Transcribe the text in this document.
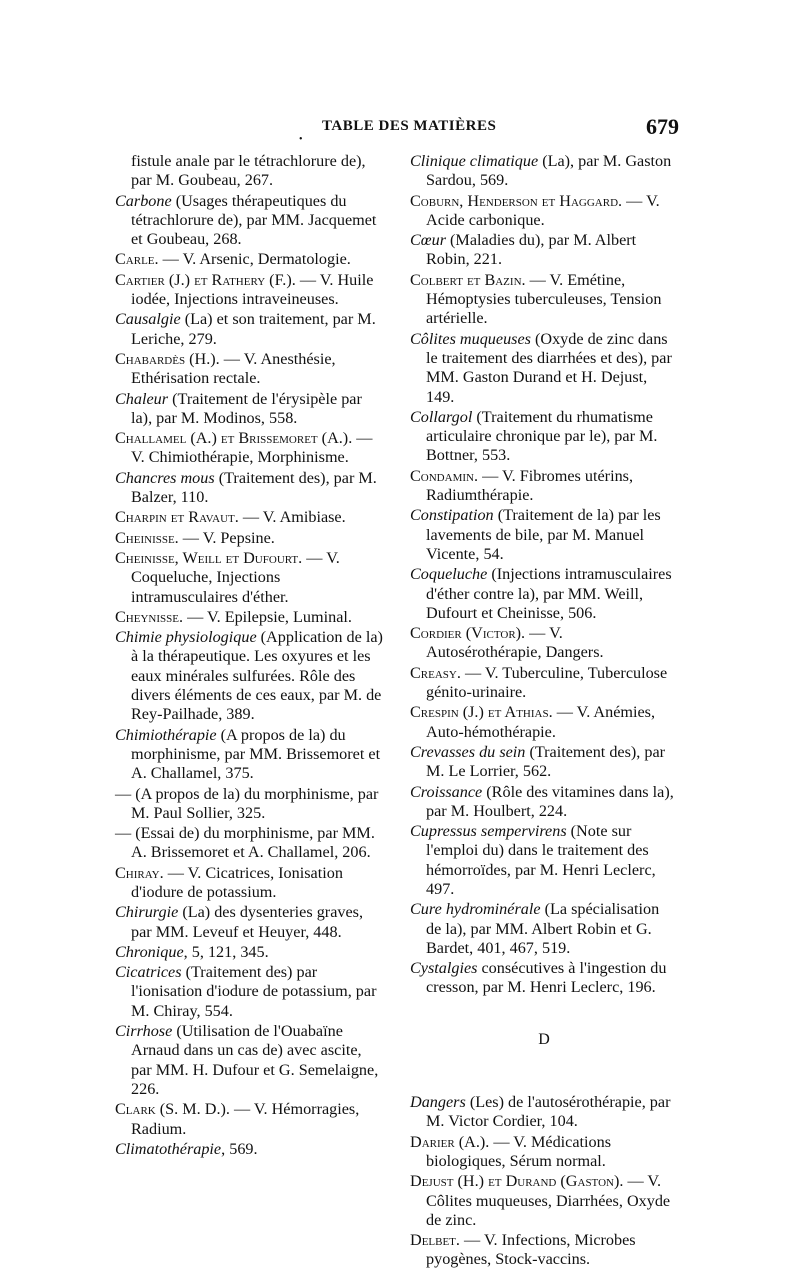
•
TABLE DES MATIÈRES	679
fistule anale par le tétrachlorure de), par M. Goubeau, 267.
Carbone (Usages thérapeutiques du tétrachlorure de), par MM. Jacquemet et Goubeau, 268.
Carle. — V. Arsenic, Dermatologie.
Cartier (J.) et Rathery (F.). — V. Huile iodée, Injections intraveineuses.
Causalgie (La) et son traitement, par M. Leriche, 279.
Chabardès (H.). — V. Anesthésie, Ethérisation rectale.
Chaleur (Traitement de l'érysipèle par la), par M. Modinos, 558.
Challamel (A.) et Brissemoret (A.). — V. Chimiothérapie, Morphinisme.
Chancres mous (Traitement des), par M. Balzer, 110.
Charpin et Ravaut. — V. Amibiase.
Cheinisse. — V. Pepsine.
Cheinisse, Weill et Dufourt. — V. Coqueluche, Injections intramusculaires d'éther.
Cheynisse. — V. Epilepsie, Luminal.
Chimie physiologique (Application de la) à la thérapeutique. Les oxyures et les eaux minérales sulfurées. Rôle des divers éléments de ces eaux, par M. de Rey-Pailhade, 389.
Chimiothérapie (A propos de la) du morphinisme, par MM. Brissemoret et A. Challamel, 375.
— (A propos de la) du morphinisme, par M. Paul Sollier, 325.
— (Essai de) du morphinisme, par MM. A. Brissemoret et A. Challamel, 206.
Chiray. — V. Cicatrices, Ionisation d'iodure de potassium.
Chirurgie (La) des dysenteries graves, par MM. Leveuf et Heuyer, 448.
Chronique, 5, 121, 345.
Cicatrices (Traitement des) par l'ionisation d'iodure de potassium, par M. Chiray, 554.
Cirrhose (Utilisation de l'Ouabaïne Arnaud dans un cas de) avec ascite, par MM. H. Dufour et G. Semelaigne, 226.
Clark (S. M. D.). — V. Hémorragies, Radium.
Climatothérapie, 569.
Clinique climatique (La), par M. Gaston Sardou, 569.
Coburn, Henderson et Haggard. — V. Acide carbonique.
Cœur (Maladies du), par M. Albert Robin, 221.
Colbert et Bazin. — V. Emétine, Hémoptysies tuberculeuses, Tension artérielle.
Côlites muqueuses (Oxyde de zinc dans le traitement des diarrhées et des), par MM. Gaston Durand et H. Dejust, 149.
Collargol (Traitement du rhumatisme articulaire chronique par le), par M. Bottner, 553.
Condamin. — V. Fibromes utérins, Radiumthérapie.
Constipation (Traitement de la) par les lavements de bile, par M. Manuel Vicente, 54.
Coqueluche (Injections intramusculaires d'éther contre la), par MM. Weill, Dufourt et Cheinisse, 506.
Cordier (Victor). — V. Autosérothérapie, Dangers.
Creasy. — V. Tuberculine, Tuberculose génito-urinaire.
Crespin (J.) et Athias. — V. Anémies, Auto-hémothérapie.
Crevasses du sein (Traitement des), par M. Le Lorrier, 562.
Croissance (Rôle des vitamines dans la), par M. Houlbert, 224.
Cupressus sempervirens (Note sur l'emploi du) dans le traitement des hémorroïdes, par M. Henri Leclerc, 497.
Cure hydrominérale (La spécialisation de la), par MM. Albert Robin et G. Bardet, 401, 467, 519.
Cystalgies consécutives à l'ingestion du cresson, par M. Henri Leclerc, 196.
D
Dangers (Les) de l'autosérothérapie, par M. Victor Cordier, 104.
Darier (A.). — V. Médications biologiques, Sérum normal.
Dejust (H.) et Durand (Gaston). — V. Côlites muqueuses, Diarrhées, Oxyde de zinc.
Delbet. — V. Infections, Microbes pyogènes, Stock-vaccins.
